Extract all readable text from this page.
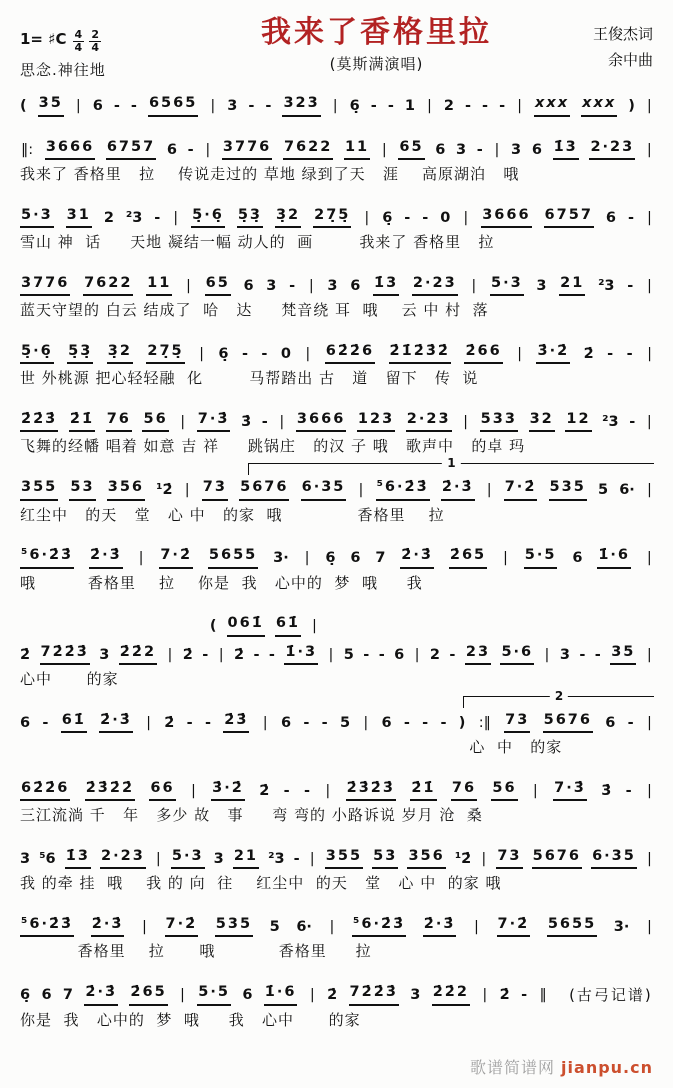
1= ♯C $\frac{4}{4}$
$\frac{2}{4}$
思念.神往地
我来了香格里拉
(莫斯满演唱)
王俊杰词
余中曲
( 35 | 6 - - 6565 | 3 - - 323 | 6̣ - - 1 | 2 - - - | xxx xxx ) |
‖: 3666 6757 6 - | 3776 7622 11 | 65 6 3 - | 3 6 1̇3 2·23 |
我来了 香格里   拉    传说走过的 草地 绿到了天   涯    高原湖泊   哦
5·3 31 2 ²3 - | 5̣·6̣ 5̣3̣ 3̣2 27̣5̣ | 6̣ - - 0 | 3666 6757 6 - |
雪山 神  话     天地 凝结一幅 动人的  画        我来了 香格里   拉
3776 7622 11 | 65 6 3 - | 3 6 1̇3 2·23 | 5·3 3 21 ²3 - |
蓝天守望的 白云 结成了  哈   达     梵音绕 耳  哦    云 中 村  落
5̣·6̣ 5̣3̣ 3̣2 27̣5̣ | 6̣ - - 0 | 62̇2̇6 2̇1̇2̇3̇2̇ 2̇66 | 3̇·2̇ 2̇ - - |
世 外桃源 把心轻轻融  化        马帮踏出 古   道   留下   传  说
2̇2̇3̇ 2̇1̇ 76 56 | 7·3̇ 3̇ - | 3666 123 2·23 | 533 32 12 ²3 - |
飞舞的经幡 唱着 如意 吉 祥     跳锅庄   的汉 子 哦   歌声中   的卓 玛
1
355 53 356 ¹2̇ | 73 5676 6·35 | ⁵6·2̇3̇ 2̇·3̇ | 7·2̇ 535 5 6· |
红尘中   的天   堂   心 中   的家  哦             香格里    拉
⁵6·2̇3̇ 2̇·3̇ | 7·2̇ 5655 3· | 6̣ 6 7 2̇·3̇ 2̇65 | 5·5 6 1̇·6 |
哦         香格里    拉    你是  我   心中的  梦  哦     我
( 061̇ 61̇ |
2̇ 72̇2̇3̇ 3 2̇2̇2 | 2̇ - | 2̇ - - 1̇·3 | 5 - - 6 | 2 - 23 5·6 | 3 - - 35 |
心中      的家
2
6 - 61̇ 2̇·3̇ | 2̇ - - 2̇3̇ | 6 - - 5 | 6 - - - ) :‖ 73 5676 6 - |
心  中   的家
62̇2̇6 2̇3̇2̇2̇ 66 | 3̇·2̇ 2̇ - - | 2̇3̇2̇3̇ 2̇1̇ 76 56 | 7·3̇ 3̇ - |
三江流淌 千   年   多少 故   事     弯 弯的 小路诉说 岁月 沧  桑
3 ⁵6 1̇3 2·23 | 5·3 3 21 ²3 - | 355 53 356 ¹2̇ | 73 5676 6·35 |
我 的牵 挂  哦    我 的 向  往    红尘中  的天   堂   心 中  的家 哦
⁵6·2̇3̇ 2̇·3̇ | 7·2̇ 535 5 6· | ⁵6·2̇3̇ 2̇·3̇ | 7·2̇ 5655 3· |
香格里    拉      哦           香格里     拉
6̣ 6 7 2̇·3̇ 2̇65 | 5·5 6 1̇·6 | 2̇ 72̇2̇3̇ 3 2̇2̇2 | 2̇ - ‖ (古弓记谱)
你是  我   心中的  梦  哦     我   心中      的家
歌谱简谱网 jianpu.cn
